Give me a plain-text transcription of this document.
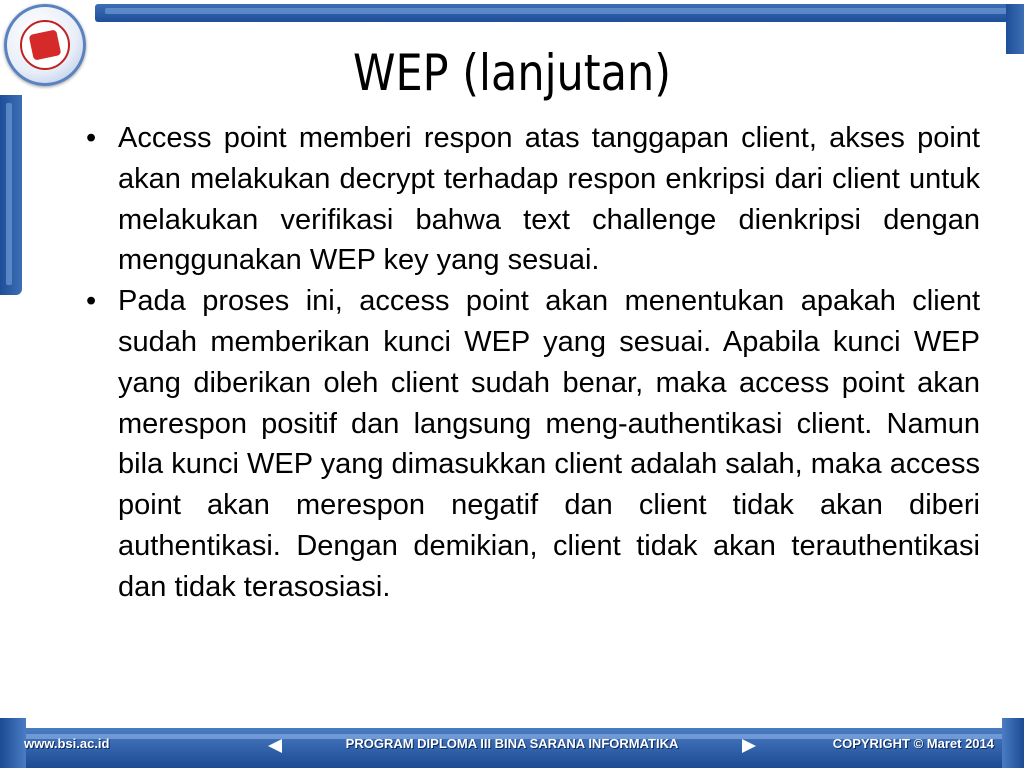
WEP (lanjutan)

• Access point memberi respon atas tanggapan client, akses point akan melakukan decrypt terhadap respon enkripsi dari client untuk melakukan verifikasi bahwa text challenge dienkripsi dengan menggunakan WEP key yang sesuai.

• Pada proses ini, access point akan menentukan apakah client sudah memberikan kunci WEP yang sesuai. Apabila kunci WEP yang diberikan oleh client sudah benar, maka access point akan merespon positif dan langsung meng-authentikasi client. Namun bila kunci WEP yang dimasukkan client adalah salah, maka access point akan merespon negatif dan client tidak akan diberi authentikasi. Dengan demikian, client tidak akan terauthentikasi dan tidak terasosiasi.

www.bsi.ac.id	PROGRAM DIPLOMA III BINA SARANA INFORMATIKA	COPYRIGHT © Maret 2014
